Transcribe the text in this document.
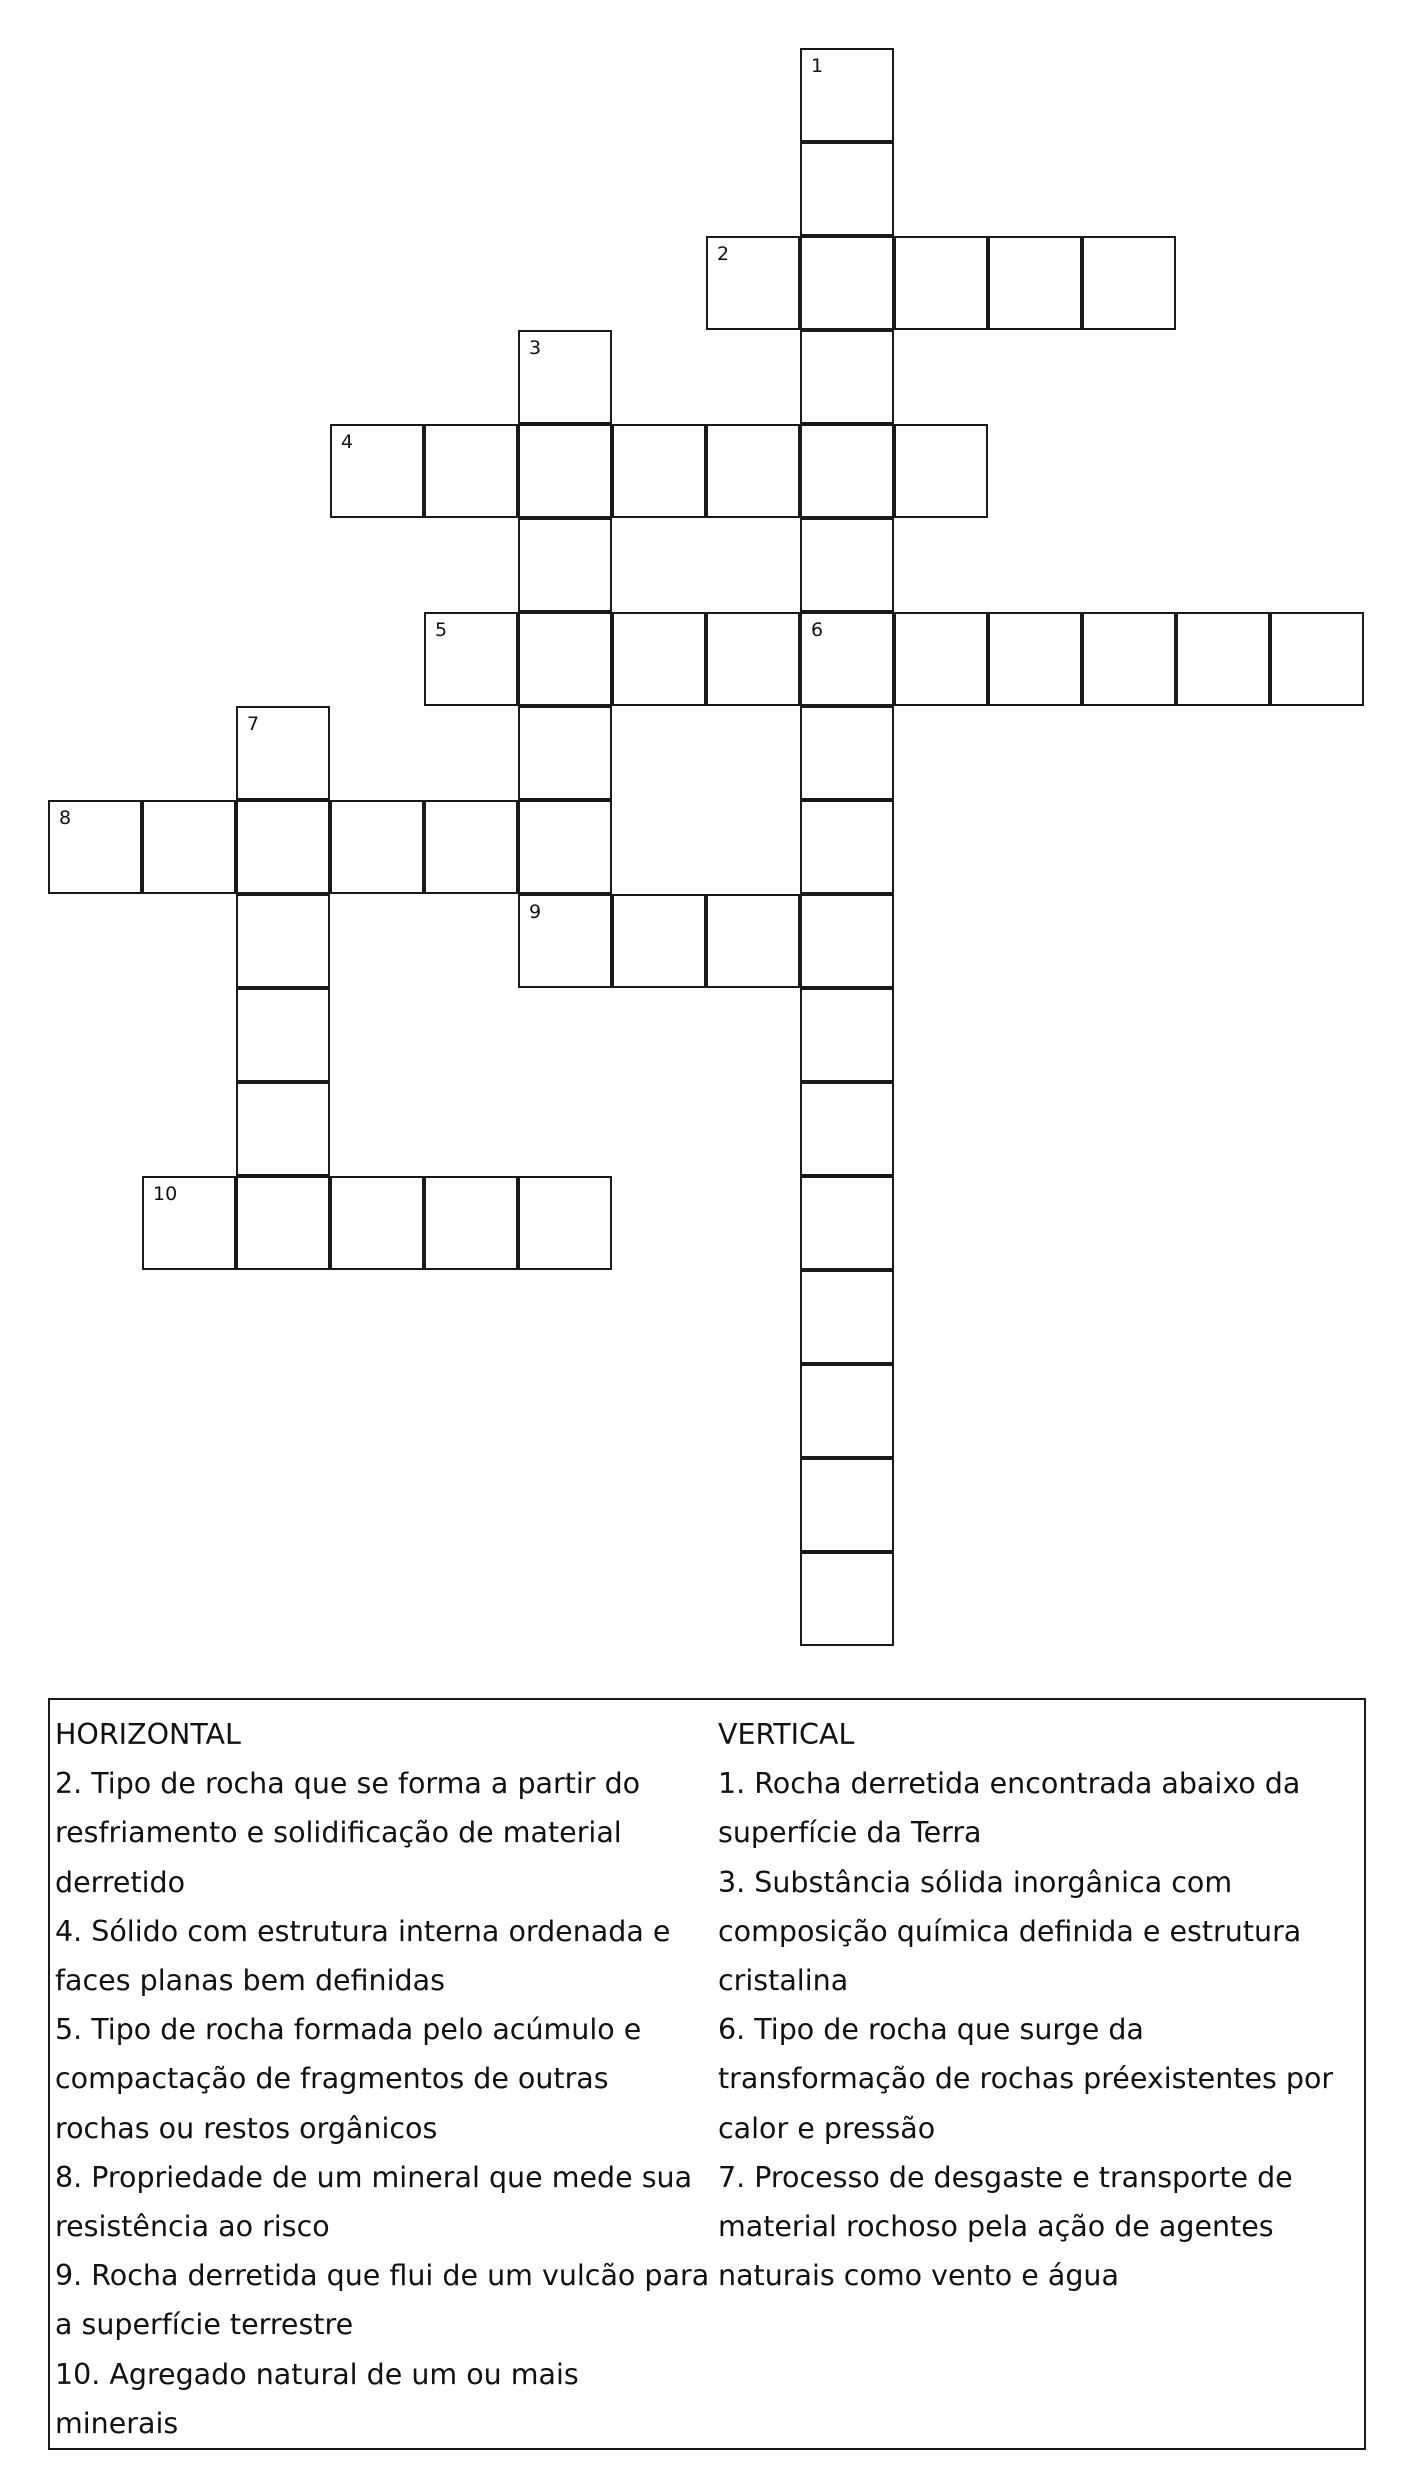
1
2
3
4
5	6
7
8
9
10
HORIZONTAL
2. Tipo de rocha que se forma a partir do resfriamento e solidificação de material derretido
4. Sólido com estrutura interna ordenada e faces planas bem definidas
5. Tipo de rocha formada pelo acúmulo e compactação de fragmentos de outras rochas ou restos orgânicos
8. Propriedade de um mineral que mede sua resistência ao risco
9. Rocha derretida que flui de um vulcão para a superfície terrestre
10. Agregado natural de um ou mais minerais
VERTICAL
1. Rocha derretida encontrada abaixo da superfície da Terra
3. Substância sólida inorgânica com composição química definida e estrutura cristalina
6. Tipo de rocha que surge da transformação de rochas préexistentes por calor e pressão
7. Processo de desgaste e transporte de material rochoso pela ação de agentes naturais como vento e água
